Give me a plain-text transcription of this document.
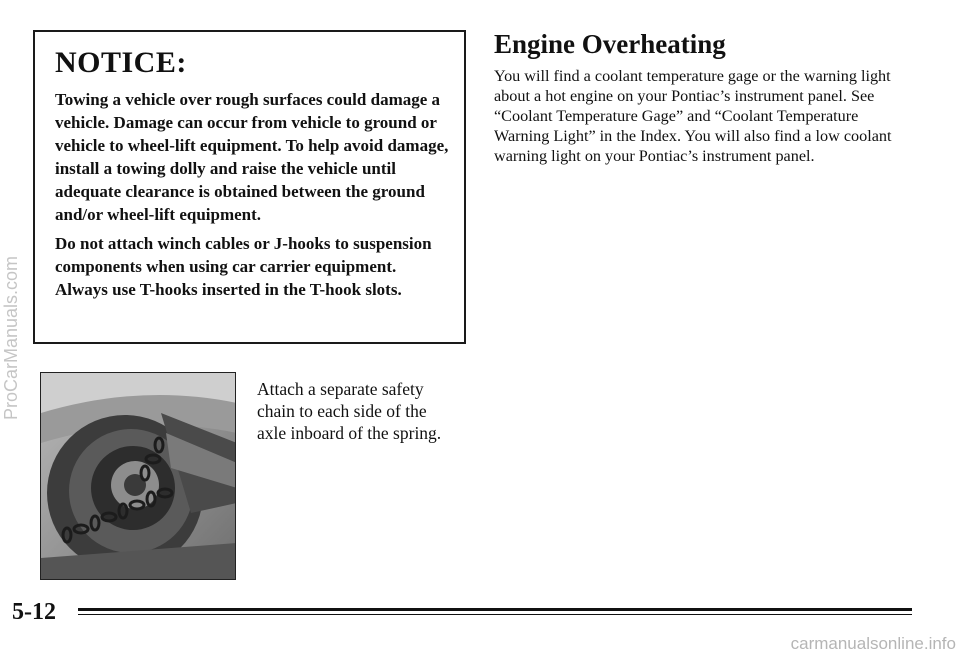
NOTICE:

Towing a vehicle over rough surfaces could damage a vehicle. Damage can occur from vehicle to ground or vehicle to wheel-lift equipment. To help avoid damage, install a towing dolly and raise the vehicle until adequate clearance is obtained between the ground and/or wheel-lift equipment.

Do not attach winch cables or J-hooks to suspension components when using car carrier equipment. Always use T-hooks inserted in the T-hook slots.

Attach a separate safety chain to each side of the axle inboard of the spring.

Engine Overheating

You will find a coolant temperature gage or the warning light about a hot engine on your Pontiac’s instrument panel. See “Coolant Temperature Gage” and “Coolant Temperature Warning Light” in the Index. You will also find a low coolant warning light on your Pontiac’s instrument panel.

5-12

ProCarManuals.com

carmanualsonline.info
